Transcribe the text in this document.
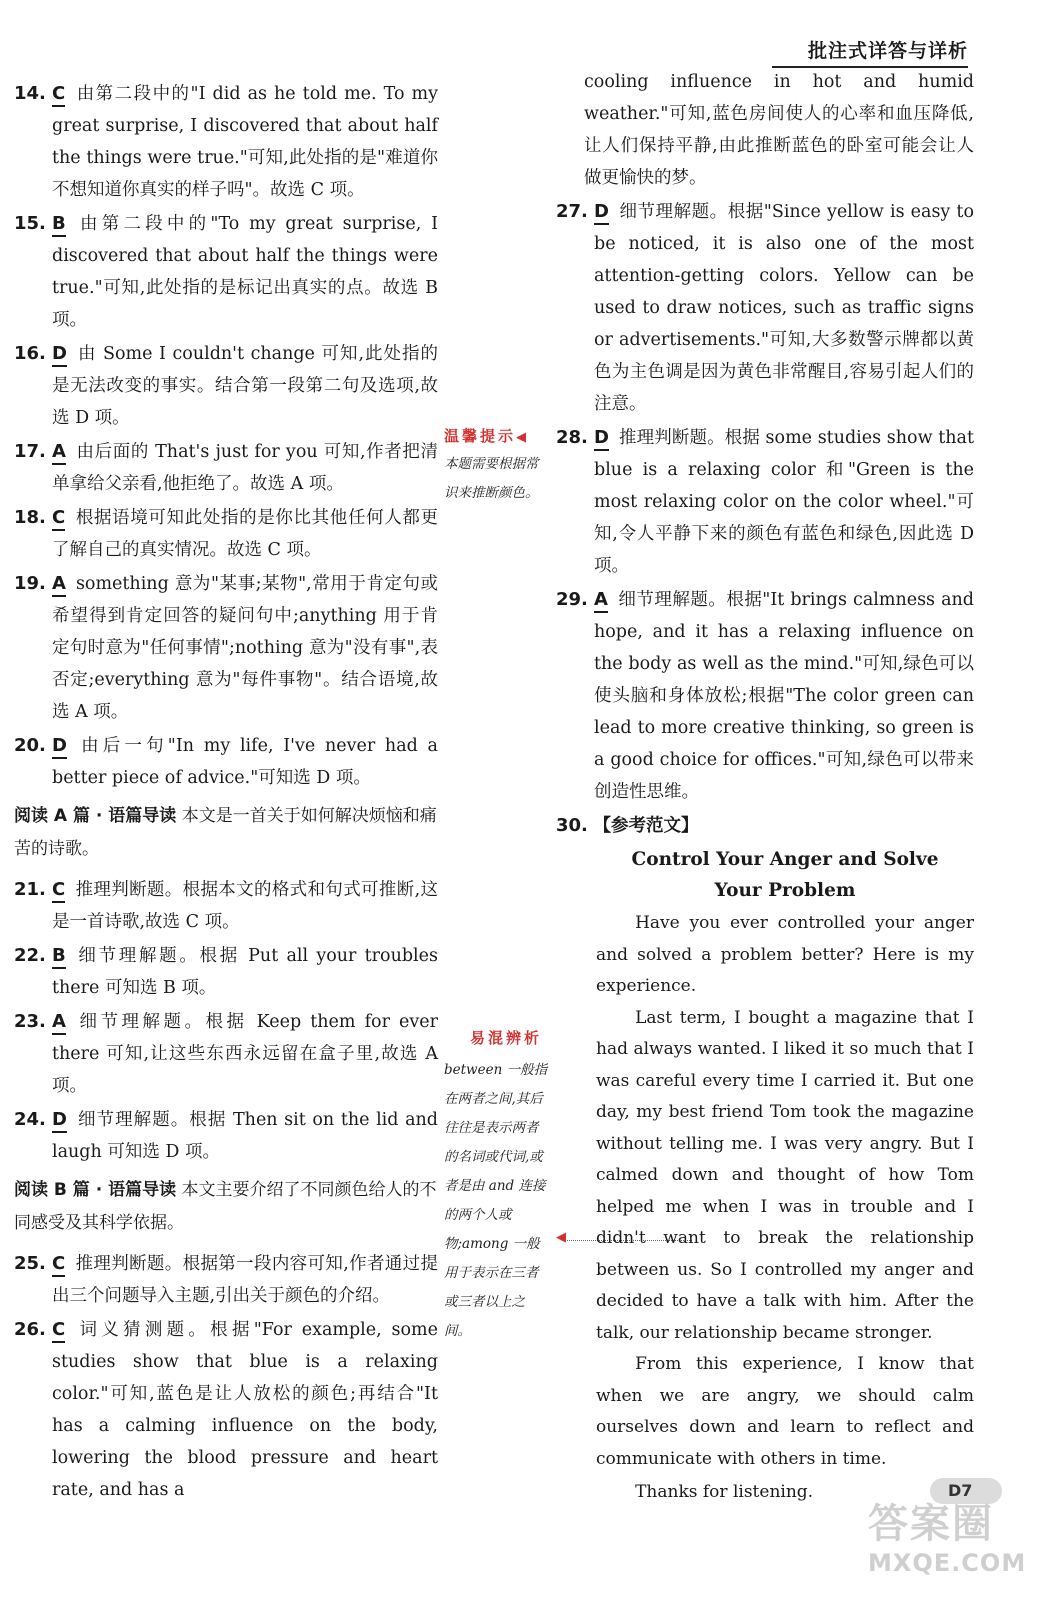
批注式详答与详析
14. C 由第二段中的"I did as he told me. To my great surprise, I discovered that about half the things were true."可知,此处指的是"难道你不想知道你真实的样子吗"。故选 C 项。
15. B 由第二段中的"To my great surprise, I discovered that about half the things were true."可知,此处指的是标记出真实的点。故选 B 项。
16. D 由 Some I couldn't change 可知,此处指的是无法改变的事实。结合第一段第二句及选项,故选 D 项。
17. A 由后面的 That's just for you 可知,作者把清单拿给父亲看,他拒绝了。故选 A 项。
18. C 根据语境可知此处指的是你比其他任何人都更了解自己的真实情况。故选 C 项。
19. A something 意为"某事;某物",常用于肯定句或希望得到肯定回答的疑问句中;anything 用于肯定句时意为"任何事情";nothing 意为"没有事",表否定;everything 意为"每件事物"。结合语境,故选 A 项。
20. D 由后一句"In my life, I've never had a better piece of advice."可知选 D 项。
阅读 A 篇 · 语篇导读 本文是一首关于如何解决烦恼和痛苦的诗歌。
21. C 推理判断题。根据本文的格式和句式可推断,这是一首诗歌,故选 C 项。
22. B 细节理解题。根据 Put all your troubles there 可知选 B 项。
23. A 细节理解题。根据 Keep them for ever there 可知,让这些东西永远留在盒子里,故选 A 项。
24. D 细节理解题。根据 Then sit on the lid and laugh 可知选 D 项。
阅读 B 篇 · 语篇导读 本文主要介绍了不同颜色给人的不同感受及其科学依据。
25. C 推理判断题。根据第一段内容可知,作者通过提出三个问题导入主题,引出关于颜色的介绍。
26. C 词义猜测题。根据"For example, some studies show that blue is a relaxing color."可知,蓝色是让人放松的颜色;再结合"It has a calming influence on the body, lowering the blood pressure and heart rate, and has a
温馨提示◀
本题需要根据常识来推断颜色。
易混辨析
between 一般指在两者之间,其后往往是表示两者的名词或代词,或者是由 and 连接的两个人或物;among 一般用于表示在三者或三者以上之间。
◀
cooling influence in hot and humid weather."可知,蓝色房间使人的心率和血压降低,让人们保持平静,由此推断蓝色的卧室可能会让人做更愉快的梦。
27. D 细节理解题。根据"Since yellow is easy to be noticed, it is also one of the most attention-getting colors. Yellow can be used to draw notices, such as traffic signs or advertisements."可知,大多数警示牌都以黄色为主色调是因为黄色非常醒目,容易引起人们的注意。
28. D 推理判断题。根据 some studies show that blue is a relaxing color 和"Green is the most relaxing color on the color wheel."可知,令人平静下来的颜色有蓝色和绿色,因此选 D 项。
29. A 细节理解题。根据"It brings calmness and hope, and it has a relaxing influence on the body as well as the mind."可知,绿色可以使头脑和身体放松;根据"The color green can lead to more creative thinking, so green is a good choice for offices."可知,绿色可以带来创造性思维。
30. 【参考范文】
Control Your Anger and Solve
Your Problem

Have you ever controlled your anger and solved a problem better? Here is my experience.

Last term, I bought a magazine that I had always wanted. I liked it so much that I was careful every time I carried it. But one day, my best friend Tom took the magazine without telling me. I was very angry. But I calmed down and thought of how Tom helped me when I was in trouble and I didn't want to break the relationship between us. So I controlled my anger and decided to have a talk with him. After the talk, our relationship became stronger.

From this experience, I know that when we are angry, we should calm ourselves down and learn to reflect and communicate with others in time.

Thanks for listening.	D7
答案圈
MXQE.COM
